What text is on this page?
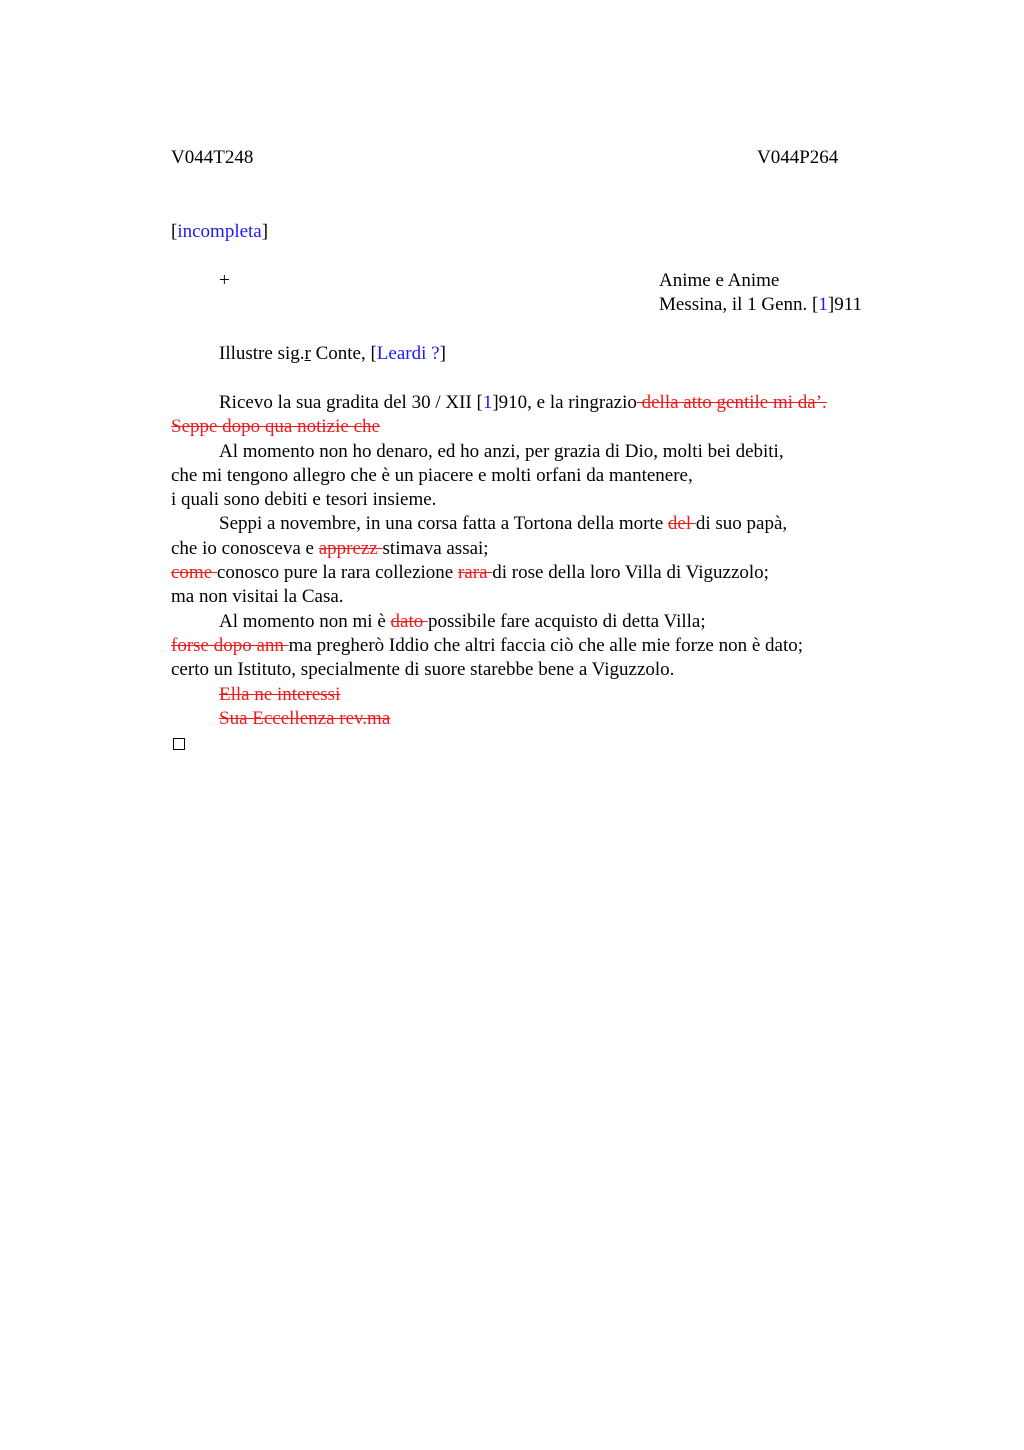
V044T248	V044P264
[incompleta]
+	Anime e Anime
Messina, il 1 Genn. [1]911
Illustre sig.r Conte, [Leardi ?]
Ricevo la sua gradita del 30 / XII [1]910, e la ringrazio della atto gentile mi da’.
Seppe dopo qua notizie che
Al momento non ho denaro, ed ho anzi, per grazia di Dio, molti bei debiti,
che mi tengono allegro che è un piacere e molti orfani da mantenere,
i quali sono debiti e tesori insieme.
Seppi a novembre, in una corsa fatta a Tortona della morte del di suo papà,
che io conosceva e apprezz stimava assai;
come conosco pure la rara collezione rara di rose della loro Villa di Viguzzolo;
ma non visitai la Casa.
Al momento non mi è dato possibile fare acquisto di detta Villa;
forse dopo ann ma pregherò Iddio che altri faccia ciò che alle mie forze non è dato;
certo un Istituto, specialmente di suore starebbe bene a Viguzzolo.
Ella ne interessi
Sua Eccellenza rev.ma
